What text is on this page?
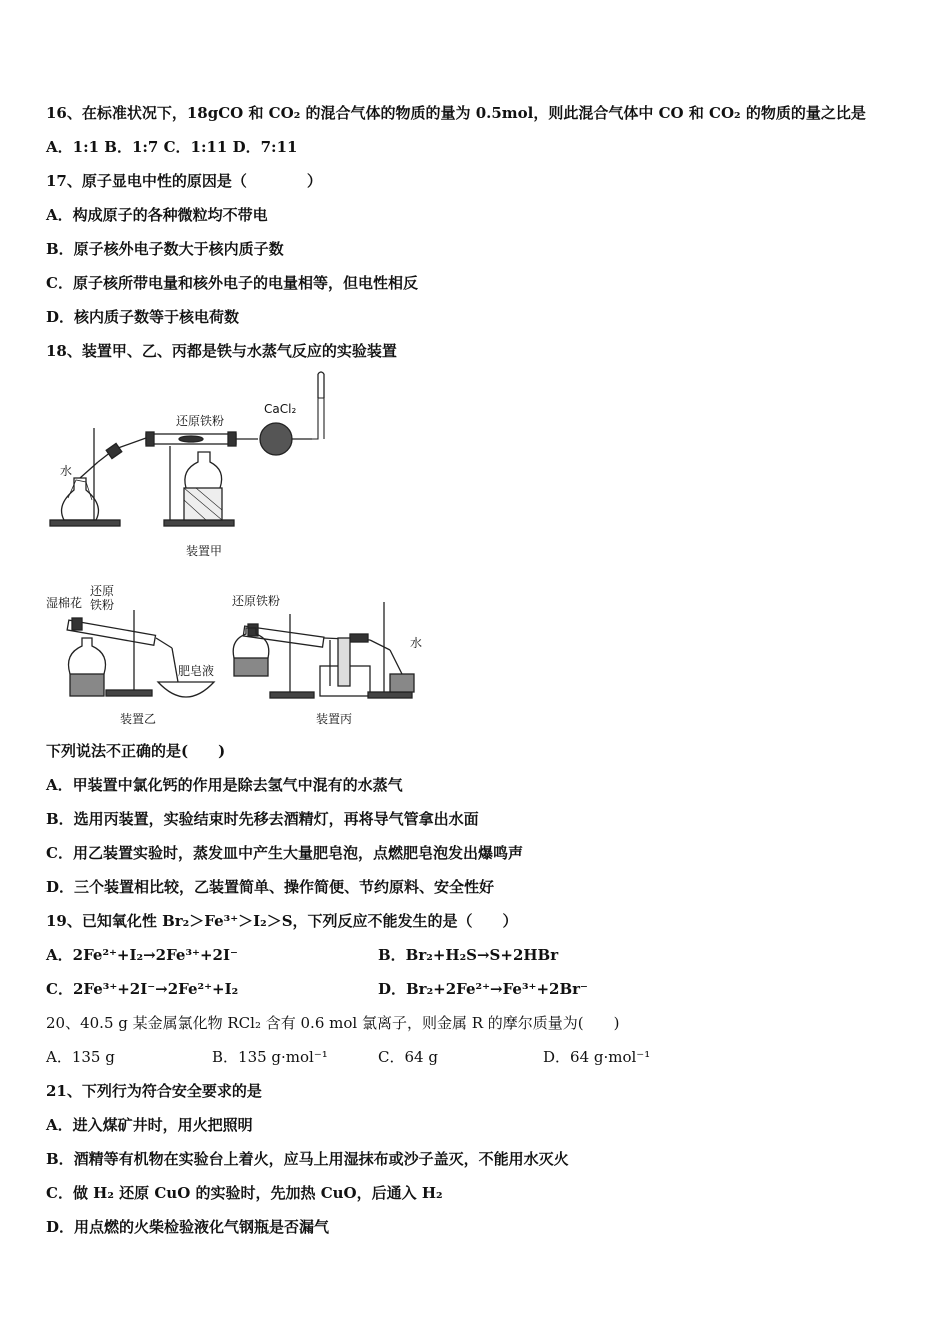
16、在标准状况下，18gCO 和 CO₂ 的混合气体的物质的量为 0.5mol，则此混合气体中 CO 和 CO₂ 的物质的量之比是
A．1:1 B．1:7 C．1:11 D．7:11
17、原子显电中性的原因是（　　　　）
A．构成原子的各种微粒均不带电
B．原子核外电子数大于核内质子数
C．原子核所带电量和核外电子的电量相等，但电性相反
D．核内质子数等于核电荷数
18、装置甲、乙、丙都是铁与水蒸气反应的实验装置
水
还原铁粉
CaCl₂
装置甲
湿棉花
还原
铁粉
肥皂液
装置乙
还原铁粉
水
装置丙
下列说法不正确的是(　　)
A．甲装置中氯化钙的作用是除去氢气中混有的水蒸气
B．选用丙装置，实验结束时先移去酒精灯，再将导气管拿出水面
C．用乙装置实验时，蒸发皿中产生大量肥皂泡，点燃肥皂泡发出爆鸣声
D．三个装置相比较，乙装置简单、操作简便、节约原料、安全性好
19、已知氧化性 Br₂＞Fe³⁺＞I₂＞S，下列反应不能发生的是（　　）
A．2Fe²⁺+I₂→2Fe³⁺+2I⁻	B．Br₂+H₂S→S+2HBr
C．2Fe³⁺+2I⁻→2Fe²⁺+I₂	D．Br₂+2Fe²⁺→Fe³⁺+2Br⁻
20、40.5 g 某金属氯化物 RCl₂ 含有 0.6 mol 氯离子，则金属 R 的摩尔质量为(　　)
A．135 g	B．135 g·mol⁻¹	C．64 g	D．64 g·mol⁻¹
21、下列行为符合安全要求的是
A．进入煤矿井时，用火把照明
B．酒精等有机物在实验台上着火，应马上用湿抹布或沙子盖灭，不能用水灭火
C．做 H₂ 还原 CuO 的实验时，先加热 CuO，后通入 H₂
D．用点燃的火柴检验液化气钢瓶是否漏气
